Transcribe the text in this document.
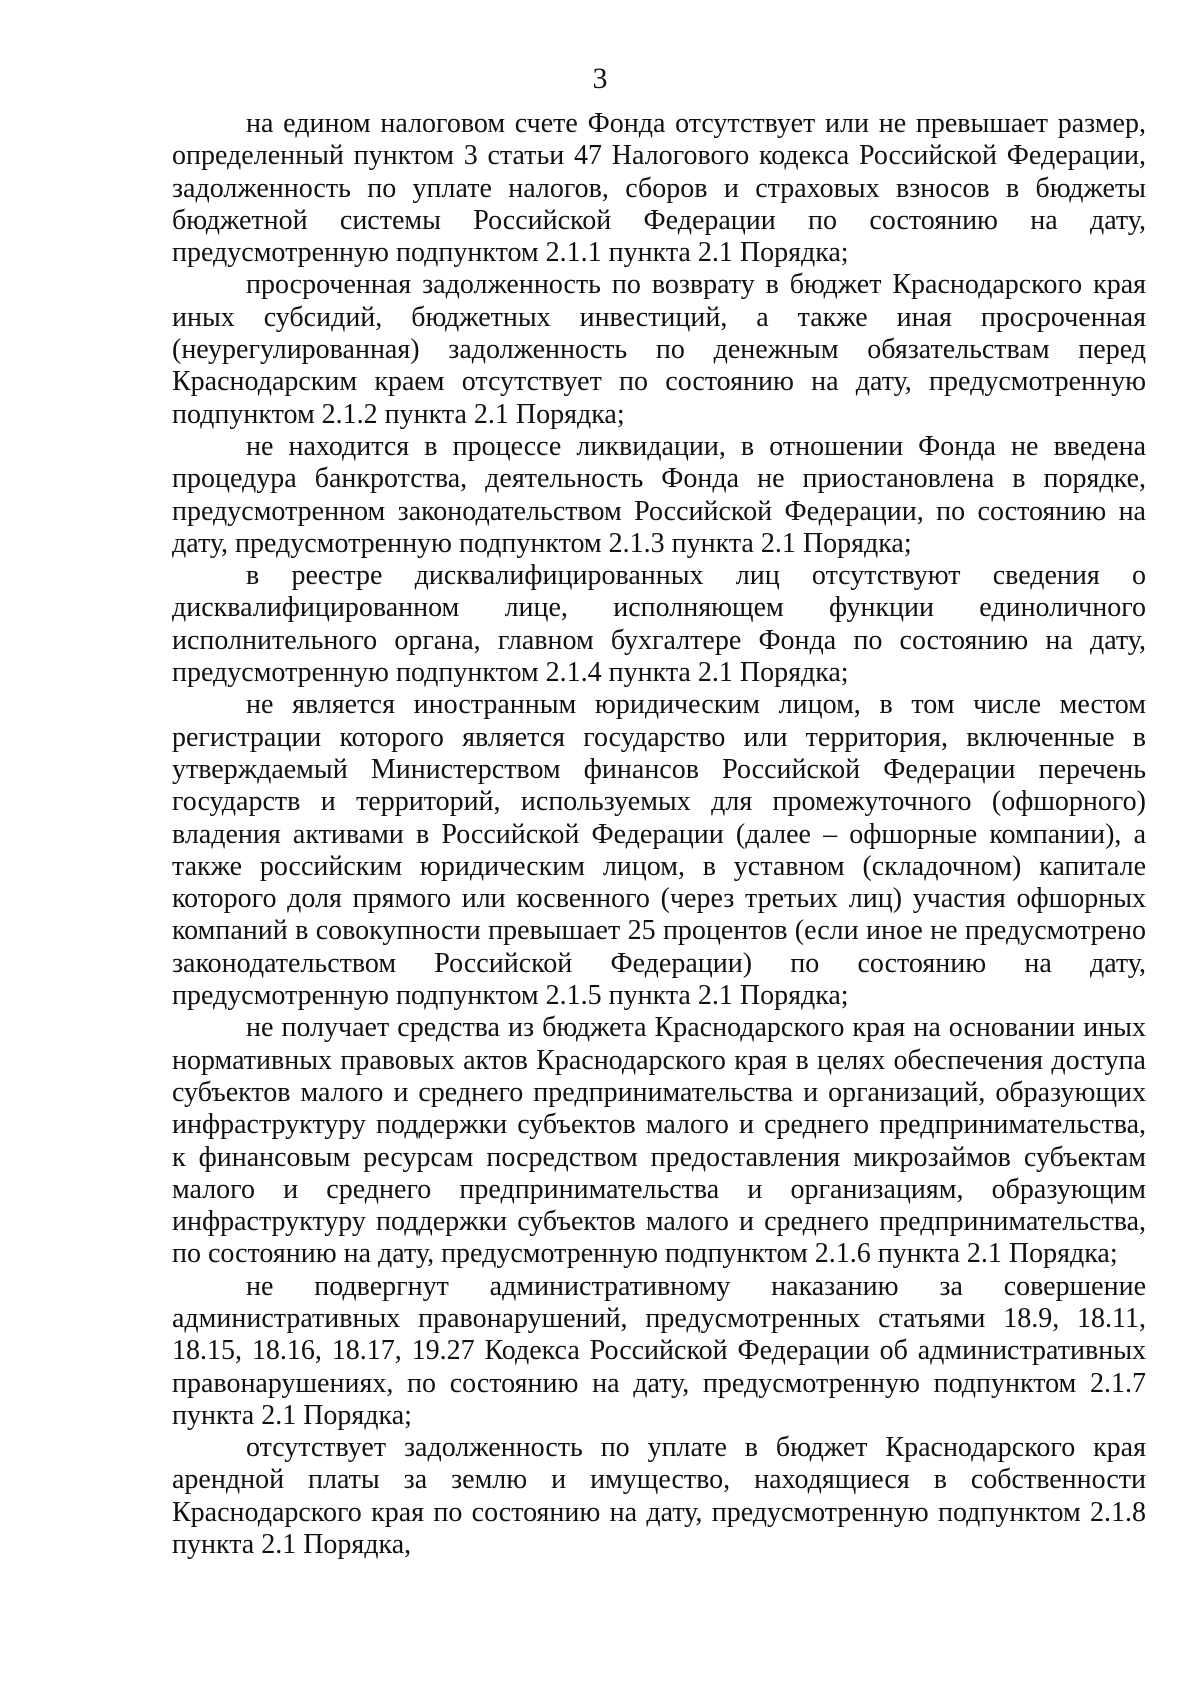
3

на едином налоговом счете Фонда отсутствует или не превышает размер, определенный пунктом 3 статьи 47 Налогового кодекса Российской Федерации, задолженность по уплате налогов, сборов и страховых взносов в бюджеты бюджетной системы Российской Федерации по состоянию на дату, предусмотренную подпунктом 2.1.1 пункта 2.1 Порядка;

просроченная задолженность по возврату в бюджет Краснодарского края иных субсидий, бюджетных инвестиций, а также иная просроченная (неурегулированная) задолженность по денежным обязательствам перед Краснодарским краем отсутствует по состоянию на дату, предусмотренную подпунктом 2.1.2 пункта 2.1 Порядка;

не находится в процессе ликвидации, в отношении Фонда не введена процедура банкротства, деятельность Фонда не приостановлена в порядке, предусмотренном законодательством Российской Федерации, по состоянию на дату, предусмотренную подпунктом 2.1.3 пункта 2.1 Порядка;

в реестре дисквалифицированных лиц отсутствуют сведения о дисквалифицированном лице, исполняющем функции единоличного исполнительного органа, главном бухгалтере Фонда по состоянию на дату, предусмотренную подпунктом 2.1.4 пункта 2.1 Порядка;

не является иностранным юридическим лицом, в том числе местом регистрации которого является государство или территория, включенные в утверждаемый Министерством финансов Российской Федерации перечень государств и территорий, используемых для промежуточного (офшорного) владения активами в Российской Федерации (далее – офшорные компании), а также российским юридическим лицом, в уставном (складочном) капитале которого доля прямого или косвенного (через третьих лиц) участия офшорных компаний в совокупности превышает 25 процентов (если иное не предусмотрено законодательством Российской Федерации) по состоянию на дату, предусмотренную подпунктом 2.1.5 пункта 2.1 Порядка;

не получает средства из бюджета Краснодарского края на основании иных нормативных правовых актов Краснодарского края в целях обеспечения доступа субъектов малого и среднего предпринимательства и организаций, образующих инфраструктуру поддержки субъектов малого и среднего предпринимательства, к финансовым ресурсам посредством предоставления микрозаймов субъектам малого и среднего предпринимательства и организациям, образующим инфраструктуру поддержки субъектов малого и среднего предпринимательства, по состоянию на дату, предусмотренную подпунктом 2.1.6 пункта 2.1 Порядка;

не подвергнут административному наказанию за совершение административных правонарушений, предусмотренных статьями 18.9, 18.11, 18.15, 18.16, 18.17, 19.27 Кодекса Российской Федерации об административных правонарушениях, по состоянию на дату, предусмотренную подпунктом 2.1.7 пункта 2.1 Порядка;

отсутствует задолженность по уплате в бюджет Краснодарского края арендной платы за землю и имущество, находящиеся в собственности Краснодарского края по состоянию на дату, предусмотренную подпунктом 2.1.8 пункта 2.1 Порядка,
